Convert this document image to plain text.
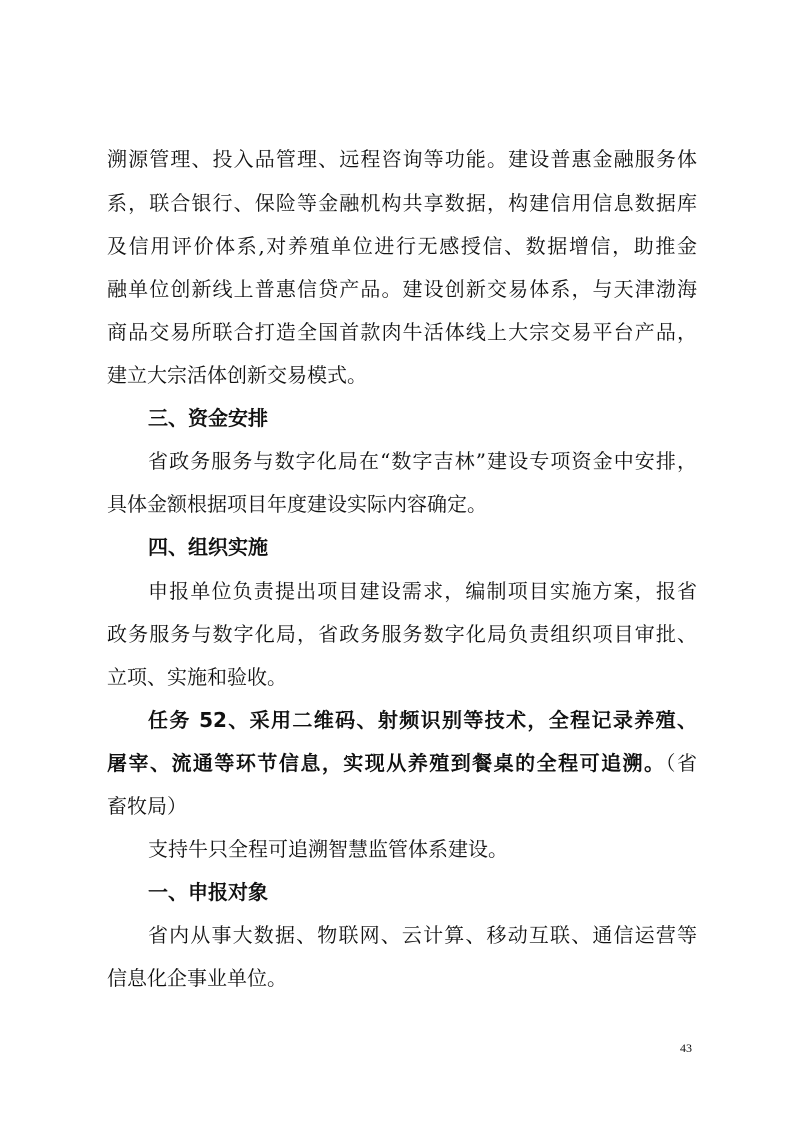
溯源管理、投入品管理、远程咨询等功能。建设普惠金融服务体
系，联合银行、保险等金融机构共享数据，构建信用信息数据库
及信用评价体系,对养殖单位进行无感授信、数据增信，助推金
融单位创新线上普惠信贷产品。建设创新交易体系，与天津渤海
商品交易所联合打造全国首款肉牛活体线上大宗交易平台产品，
建立大宗活体创新交易模式。
三、资金安排
省政务服务与数字化局在“数字吉林”建设专项资金中安排，
具体金额根据项目年度建设实际内容确定。
四、组织实施
申报单位负责提出项目建设需求，编制项目实施方案，报省
政务服务与数字化局，省政务服务数字化局负责组织项目审批、
立项、实施和验收。
任务 52、采用二维码、射频识别等技术，全程记录养殖、
屠宰、流通等环节信息，实现从养殖到餐桌的全程可追溯。（省
畜牧局）
支持牛只全程可追溯智慧监管体系建设。
一、申报对象
省内从事大数据、物联网、云计算、移动互联、通信运营等
信息化企事业单位。
43
